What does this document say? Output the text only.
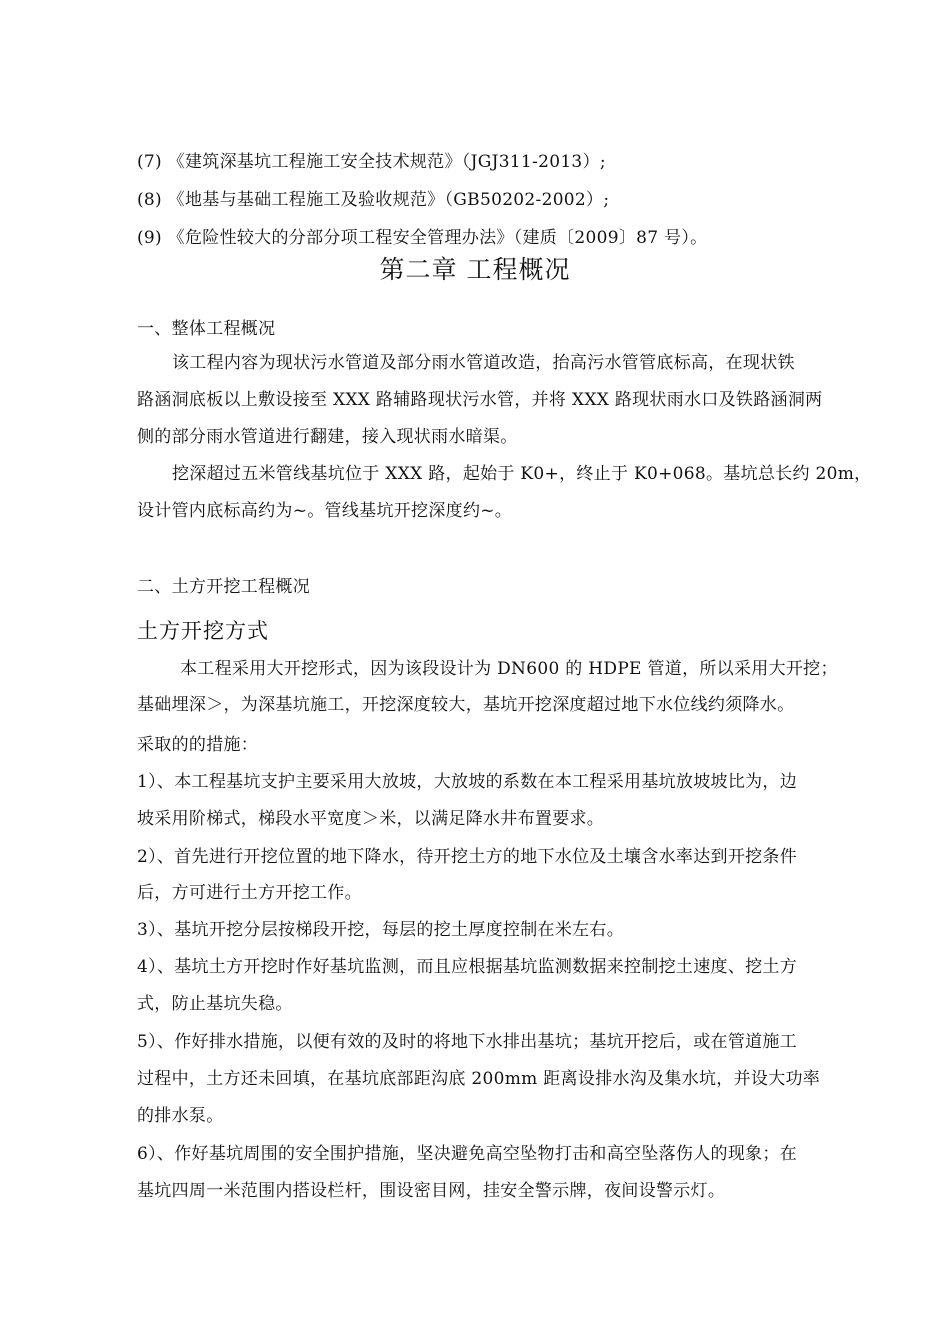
(7) 《建筑深基坑工程施工安全技术规范》（JGJ311-2013）;
(8) 《地基与基础工程施工及验收规范》（GB50202-2002）;
(9) 《危险性较大的分部分项工程安全管理办法》（建质〔2009〕87 号）。
第二章 工程概况
一、整体工程概况
该工程内容为现状污水管道及部分雨水管道改造，抬高污水管管底标高，在现状铁
路涵洞底板以上敷设接至 XXX 路辅路现状污水管，并将 XXX 路现状雨水口及铁路涵洞两
侧的部分雨水管道进行翻建，接入现状雨水暗渠。
挖深超过五米管线基坑位于 XXX 路，起始于 K0+，终止于 K0+068。基坑总长约 20m，
设计管内底标高约为~。管线基坑开挖深度约~。
二、土方开挖工程概况
土方开挖方式
本工程采用大开挖形式，因为该段设计为 DN600 的 HDPE 管道，所以采用大开挖；
基础埋深＞，为深基坑施工，开挖深度较大，基坑开挖深度超过地下水位线约须降水。
采取的的措施：
1）、本工程基坑支护主要采用大放坡，大放坡的系数在本工程采用基坑放坡坡比为，边
坡采用阶梯式，梯段水平宽度＞米，以满足降水井布置要求。
2）、首先进行开挖位置的地下降水，待开挖土方的地下水位及土壤含水率达到开挖条件
后，方可进行土方开挖工作。
3）、基坑开挖分层按梯段开挖，每层的挖土厚度控制在米左右。
4）、基坑土方开挖时作好基坑监测，而且应根据基坑监测数据来控制挖土速度、挖土方
式，防止基坑失稳。
5）、作好排水措施，以便有效的及时的将地下水排出基坑；基坑开挖后，或在管道施工
过程中，土方还未回填，在基坑底部距沟底 200mm 距离设排水沟及集水坑，并设大功率
的排水泵。
6）、作好基坑周围的安全围护措施，坚决避免高空坠物打击和高空坠落伤人的现象；在
基坑四周一米范围内搭设栏杆，围设密目网，挂安全警示牌，夜间设警示灯。
